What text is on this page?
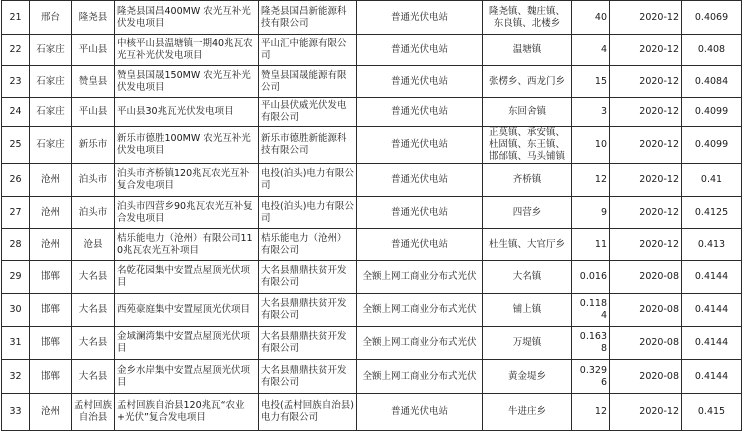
21	邢台	隆尧县	隆尧县国昌400MW 农光互补光伏发电项目	隆尧县国昌新能源科技有限公司	普通光伏电站	隆尧镇、魏庄镇、东良镇、北楼乡	40	2020-12	0.4069
22	石家庄	平山县	中核平山县温塘镇一期40兆瓦农光互补光伏发电项目	平山汇中能源有限公司	普通光伏电站	温塘镇	4	2020-12	0.408
23	石家庄	赞皇县	赞皇县国晟150MW 农光互补光伏发电项目	赞皇县国晟能源有限公司	普通光伏电站	张楞乡、西龙门乡	15	2020-12	0.4084
24	石家庄	平山县	平山县30兆瓦光伏发电项目	平山县伏威光伏发电有限公司	普通光伏电站	东回舍镇	3	2020-12	0.4099
25	石家庄	新乐市	新乐市德胜100MW 农光互补光伏发电项目	新乐市德胜新能源科技有限公司	普通光伏电站	正莫镇、承安镇、杜固镇、东王镇、邯邰镇、马头铺镇	10	2020-12	0.4099
26	沧州	泊头市	泊头市齐桥镇120兆瓦农光互补复合发电项目	电投(泊头)电力有限公司	普通光伏电站	齐桥镇	12	2020-12	0.41
27	沧州	泊头市	泊头市四营乡90兆瓦农光互补复合发电项目	电投(泊头)电力有限公司	普通光伏电站	四营乡	9	2020-12	0.4125
28	沧州	沧县	桔乐能电力（沧州）有限公司110兆瓦农光互补项目	桔乐能电力（沧州）有限公司	普通光伏电站	杜生镇、大官厅乡	11	2020-12	0.413
29	邯郸	大名县	名乾花园集中安置点屋顶光伏项目	大名县鼎鼎扶贫开发有限公司	全额上网工商业分布式光伏	大名镇	0.016	2020-08	0.4144
30	邯郸	大名县	西苑豪庭集中安置屋顶光伏项目	大名县鼎鼎扶贫开发有限公司	全额上网工商业分布式光伏	铺上镇	0.1184	2020-08	0.4144
31	邯郸	大名县	金域澜湾集中安置点屋顶光伏项目	大名县鼎鼎扶贫开发有限公司	全额上网工商业分布式光伏	万堤镇	0.1638	2020-08	0.4144
32	邯郸	大名县	金乡水岸集中安置点屋顶光伏项目	大名县鼎鼎扶贫开发有限公司	全额上网工商业分布式光伏	黄金堤乡	0.3296	2020-08	0.4144
33	沧州	孟村回族自治县	孟村回族自治县120兆瓦“农业+光伏”复合发电项目	电投(孟村回族自治县)电力有限公司	普通光伏电站	牛进庄乡	12	2020-12	0.415
